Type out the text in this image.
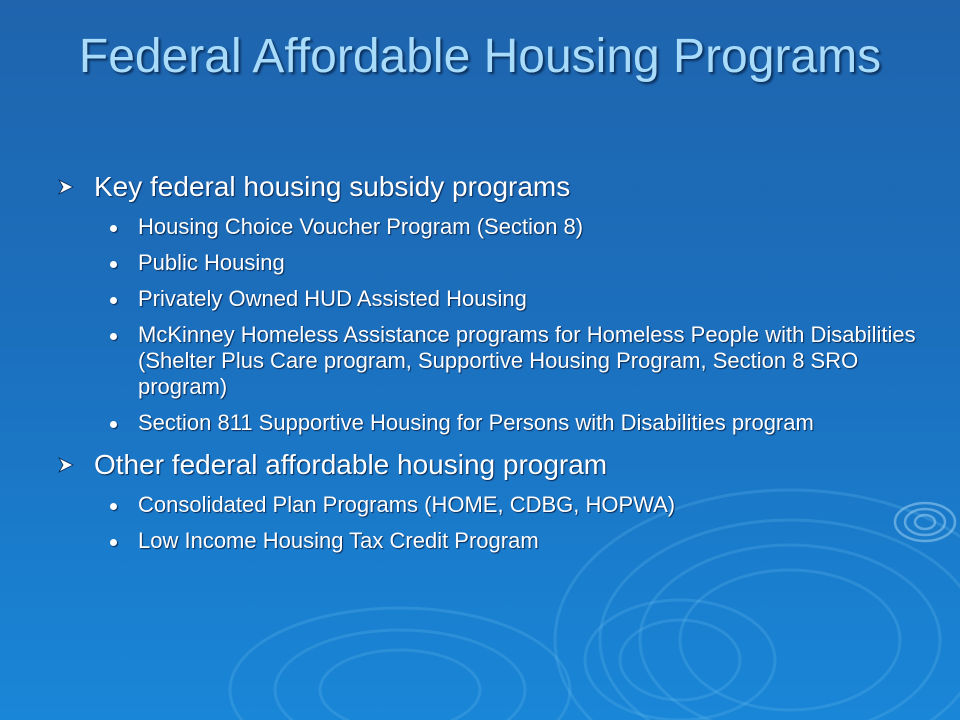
Federal Affordable Housing Programs
Key federal housing subsidy programs
Housing Choice Voucher Program (Section 8)
Public Housing
Privately Owned HUD Assisted Housing
McKinney Homeless Assistance programs for Homeless People with Disabilities (Shelter Plus Care program, Supportive Housing Program, Section 8 SRO program)
Section 811 Supportive Housing for Persons with Disabilities program
Other federal affordable housing program
Consolidated Plan Programs (HOME, CDBG, HOPWA)
Low Income Housing Tax Credit Program
